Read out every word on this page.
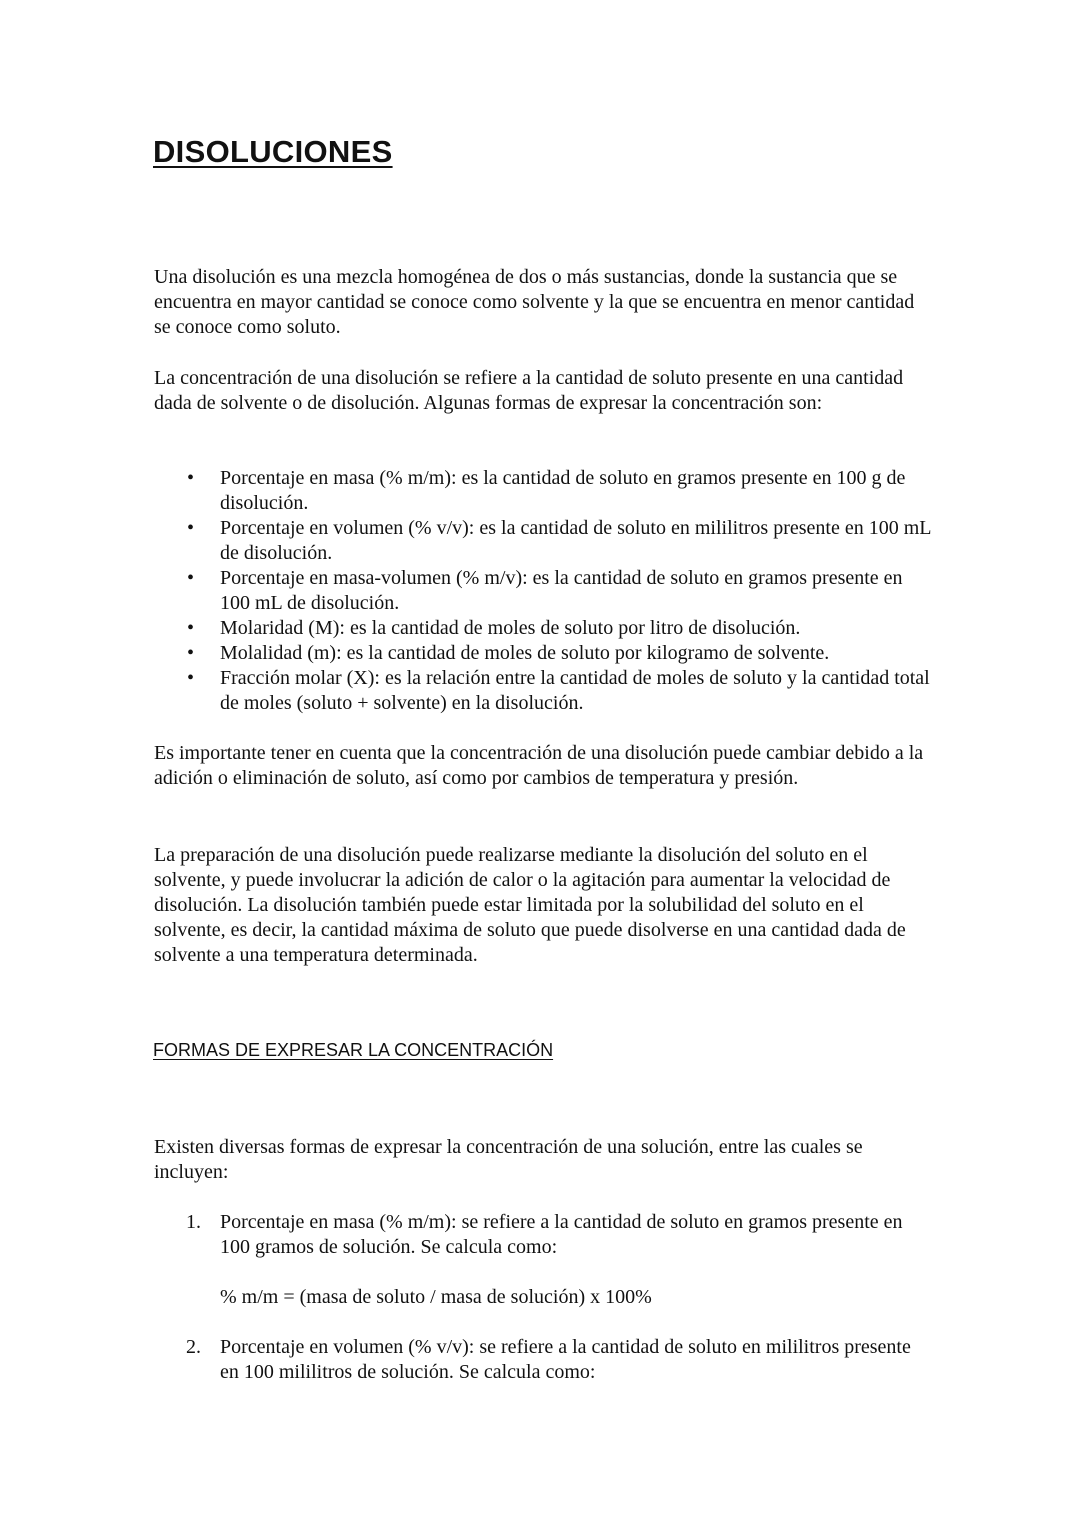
DISOLUCIONES

Una disolución es una mezcla homogénea de dos o más sustancias, donde la sustancia que se encuentra en mayor cantidad se conoce como solvente y la que se encuentra en menor cantidad se conoce como soluto.

La concentración de una disolución se refiere a la cantidad de soluto presente en una cantidad dada de solvente o de disolución. Algunas formas de expresar la concentración son:

• Porcentaje en masa (% m/m): es la cantidad de soluto en gramos presente en 100 g de disolución.
• Porcentaje en volumen (% v/v): es la cantidad de soluto en mililitros presente en 100 mL de disolución.
• Porcentaje en masa-volumen (% m/v): es la cantidad de soluto en gramos presente en 100 mL de disolución.
• Molaridad (M): es la cantidad de moles de soluto por litro de disolución.
• Molalidad (m): es la cantidad de moles de soluto por kilogramo de solvente.
• Fracción molar (X): es la relación entre la cantidad de moles de soluto y la cantidad total de moles (soluto + solvente) en la disolución.

Es importante tener en cuenta que la concentración de una disolución puede cambiar debido a la adición o eliminación de soluto, así como por cambios de temperatura y presión.

La preparación de una disolución puede realizarse mediante la disolución del soluto en el solvente, y puede involucrar la adición de calor o la agitación para aumentar la velocidad de disolución. La disolución también puede estar limitada por la solubilidad del soluto en el solvente, es decir, la cantidad máxima de soluto que puede disolverse en una cantidad dada de solvente a una temperatura determinada.

FORMAS DE EXPRESAR LA CONCENTRACIÓN

Existen diversas formas de expresar la concentración de una solución, entre las cuales se incluyen:

1. Porcentaje en masa (% m/m): se refiere a la cantidad de soluto en gramos presente en 100 gramos de solución. Se calcula como:

% m/m = (masa de soluto / masa de solución) x 100%

2. Porcentaje en volumen (% v/v): se refiere a la cantidad de soluto en mililitros presente en 100 mililitros de solución. Se calcula como:
